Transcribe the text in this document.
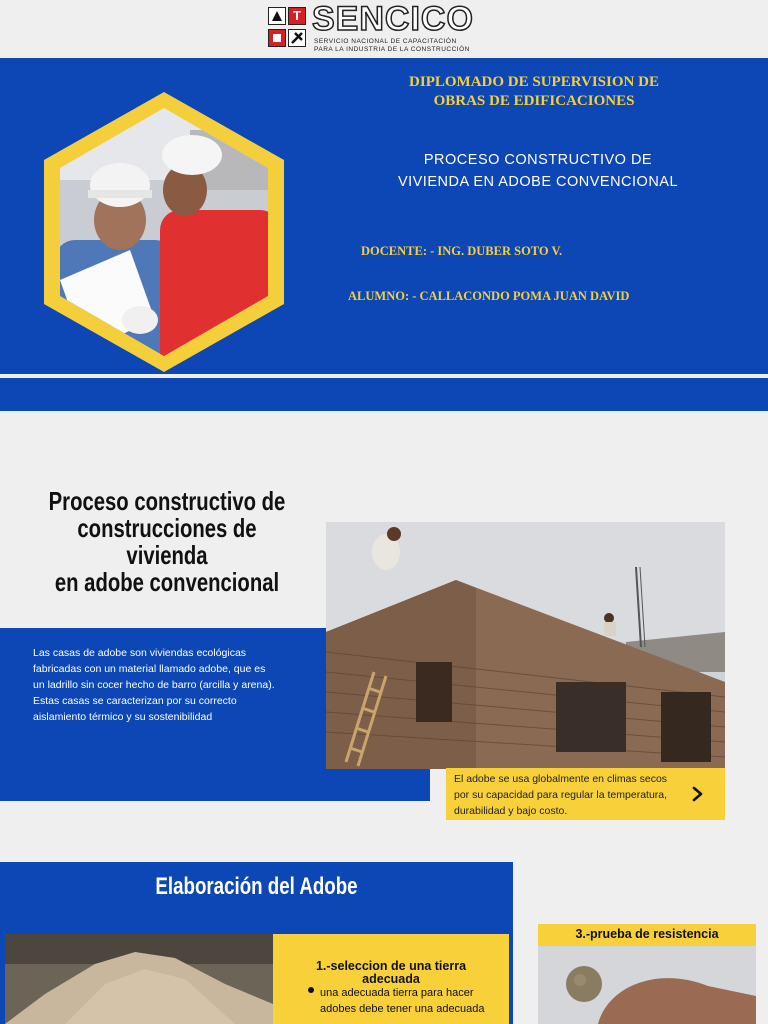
T SENCICO
SERVICIO NACIONAL DE CAPACITACIÓN
PARA LA INDUSTRIA DE LA CONSTRUCCIÓN
DIPLOMADO DE SUPERVISION DE
OBRAS DE EDIFICACIONES
PROCESO CONSTRUCTIVO DE
VIVIENDA EN ADOBE CONVENCIONAL
DOCENTE: - ING. DUBER SOTO V.
ALUMNO: - CALLACONDO POMA JUAN DAVID
Proceso constructivo de
construcciones de vivienda
en adobe convencional
Las casas de adobe son viviendas ecológicas fabricadas con un material llamado adobe, que es un ladrillo sin cocer hecho de barro (arcilla y arena). Estas casas se caracterizan por su correcto aislamiento térmico y su sostenibilidad
El adobe se usa globalmente en climas secos por su capacidad para regular la temperatura, durabilidad y bajo costo.
Elaboración del Adobe
1.-seleccion de una tierra
adecuada
una adecuada tierra para hacer adobes debe tener una adecuada
3.-prueba de resistencia
